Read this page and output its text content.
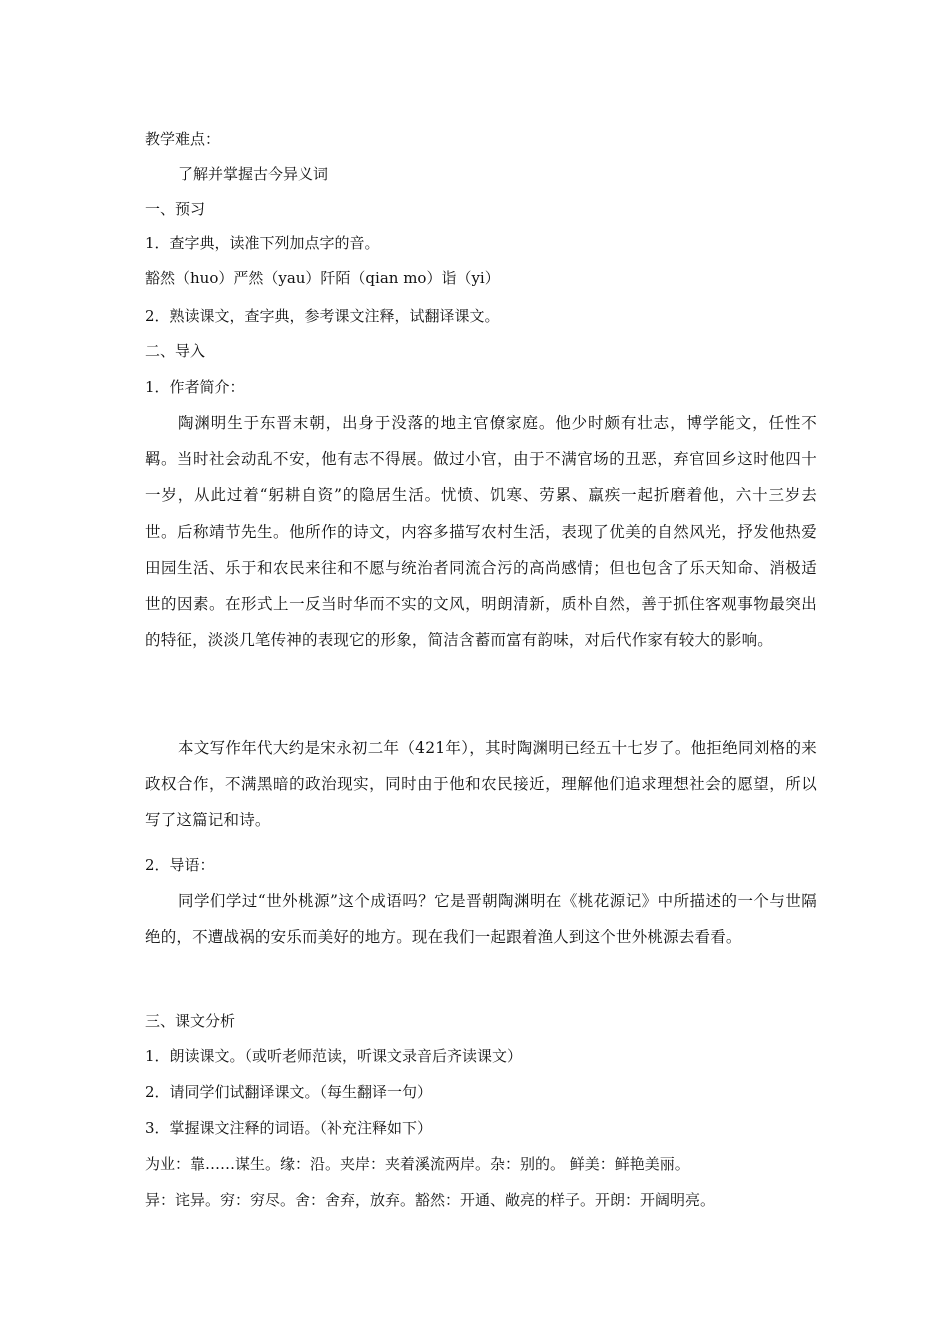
教学难点：
了解并掌握古今异义词
一、预习
1．查字典，读准下列加点字的音。
豁然（huo）严然（yau）阡陌（qian mo）诣（yi）
2．熟读课文，查字典，参考课文注释，试翻译课文。
二、导入
1．作者简介：
陶渊明生于东晋末朝，出身于没落的地主官僚家庭。他少时颇有壮志，博学能文，任性不羁。当时社会动乱不安，他有志不得展。做过小官，由于不满官场的丑恶，弃官回乡这时他四十一岁，从此过着“躬耕自资”的隐居生活。忧愤、饥寒、劳累、羸疾一起折磨着他，六十三岁去世。后称靖节先生。他所作的诗文，内容多描写农村生活，表现了优美的自然风光，抒发他热爱田园生活、乐于和农民来往和不愿与统治者同流合污的高尚感情；但也包含了乐天知命、消极适世的因素。在形式上一反当时华而不实的文风，明朗清新，质朴自然，善于抓住客观事物最突出的特征，淡淡几笔传神的表现它的形象，简洁含蓄而富有韵味，对后代作家有较大的影响。
本文写作年代大约是宋永初二年（421年），其时陶渊明已经五十七岁了。他拒绝同刘格的来政权合作，不满黑暗的政治现实，同时由于他和农民接近，理解他们追求理想社会的愿望，所以写了这篇记和诗。
2．导语：
同学们学过“世外桃源”这个成语吗？它是晋朝陶渊明在《桃花源记》中所描述的一个与世隔绝的，不遭战祸的安乐而美好的地方。现在我们一起跟着渔人到这个世外桃源去看看。
三、课文分析
1．朗读课文。（或听老师范读，听课文录音后齐读课文）
2．请同学们试翻译课文。（每生翻译一句）
3．掌握课文注释的词语。（补充注释如下）
为业：靠……谋生。缘：沿。夹岸：夹着溪流两岸。杂：别的。 鲜美：鲜艳美丽。
异：诧异。穷：穷尽。舍：舍弃，放弃。豁然：开通、敞亮的样子。开朗：开阔明亮。
